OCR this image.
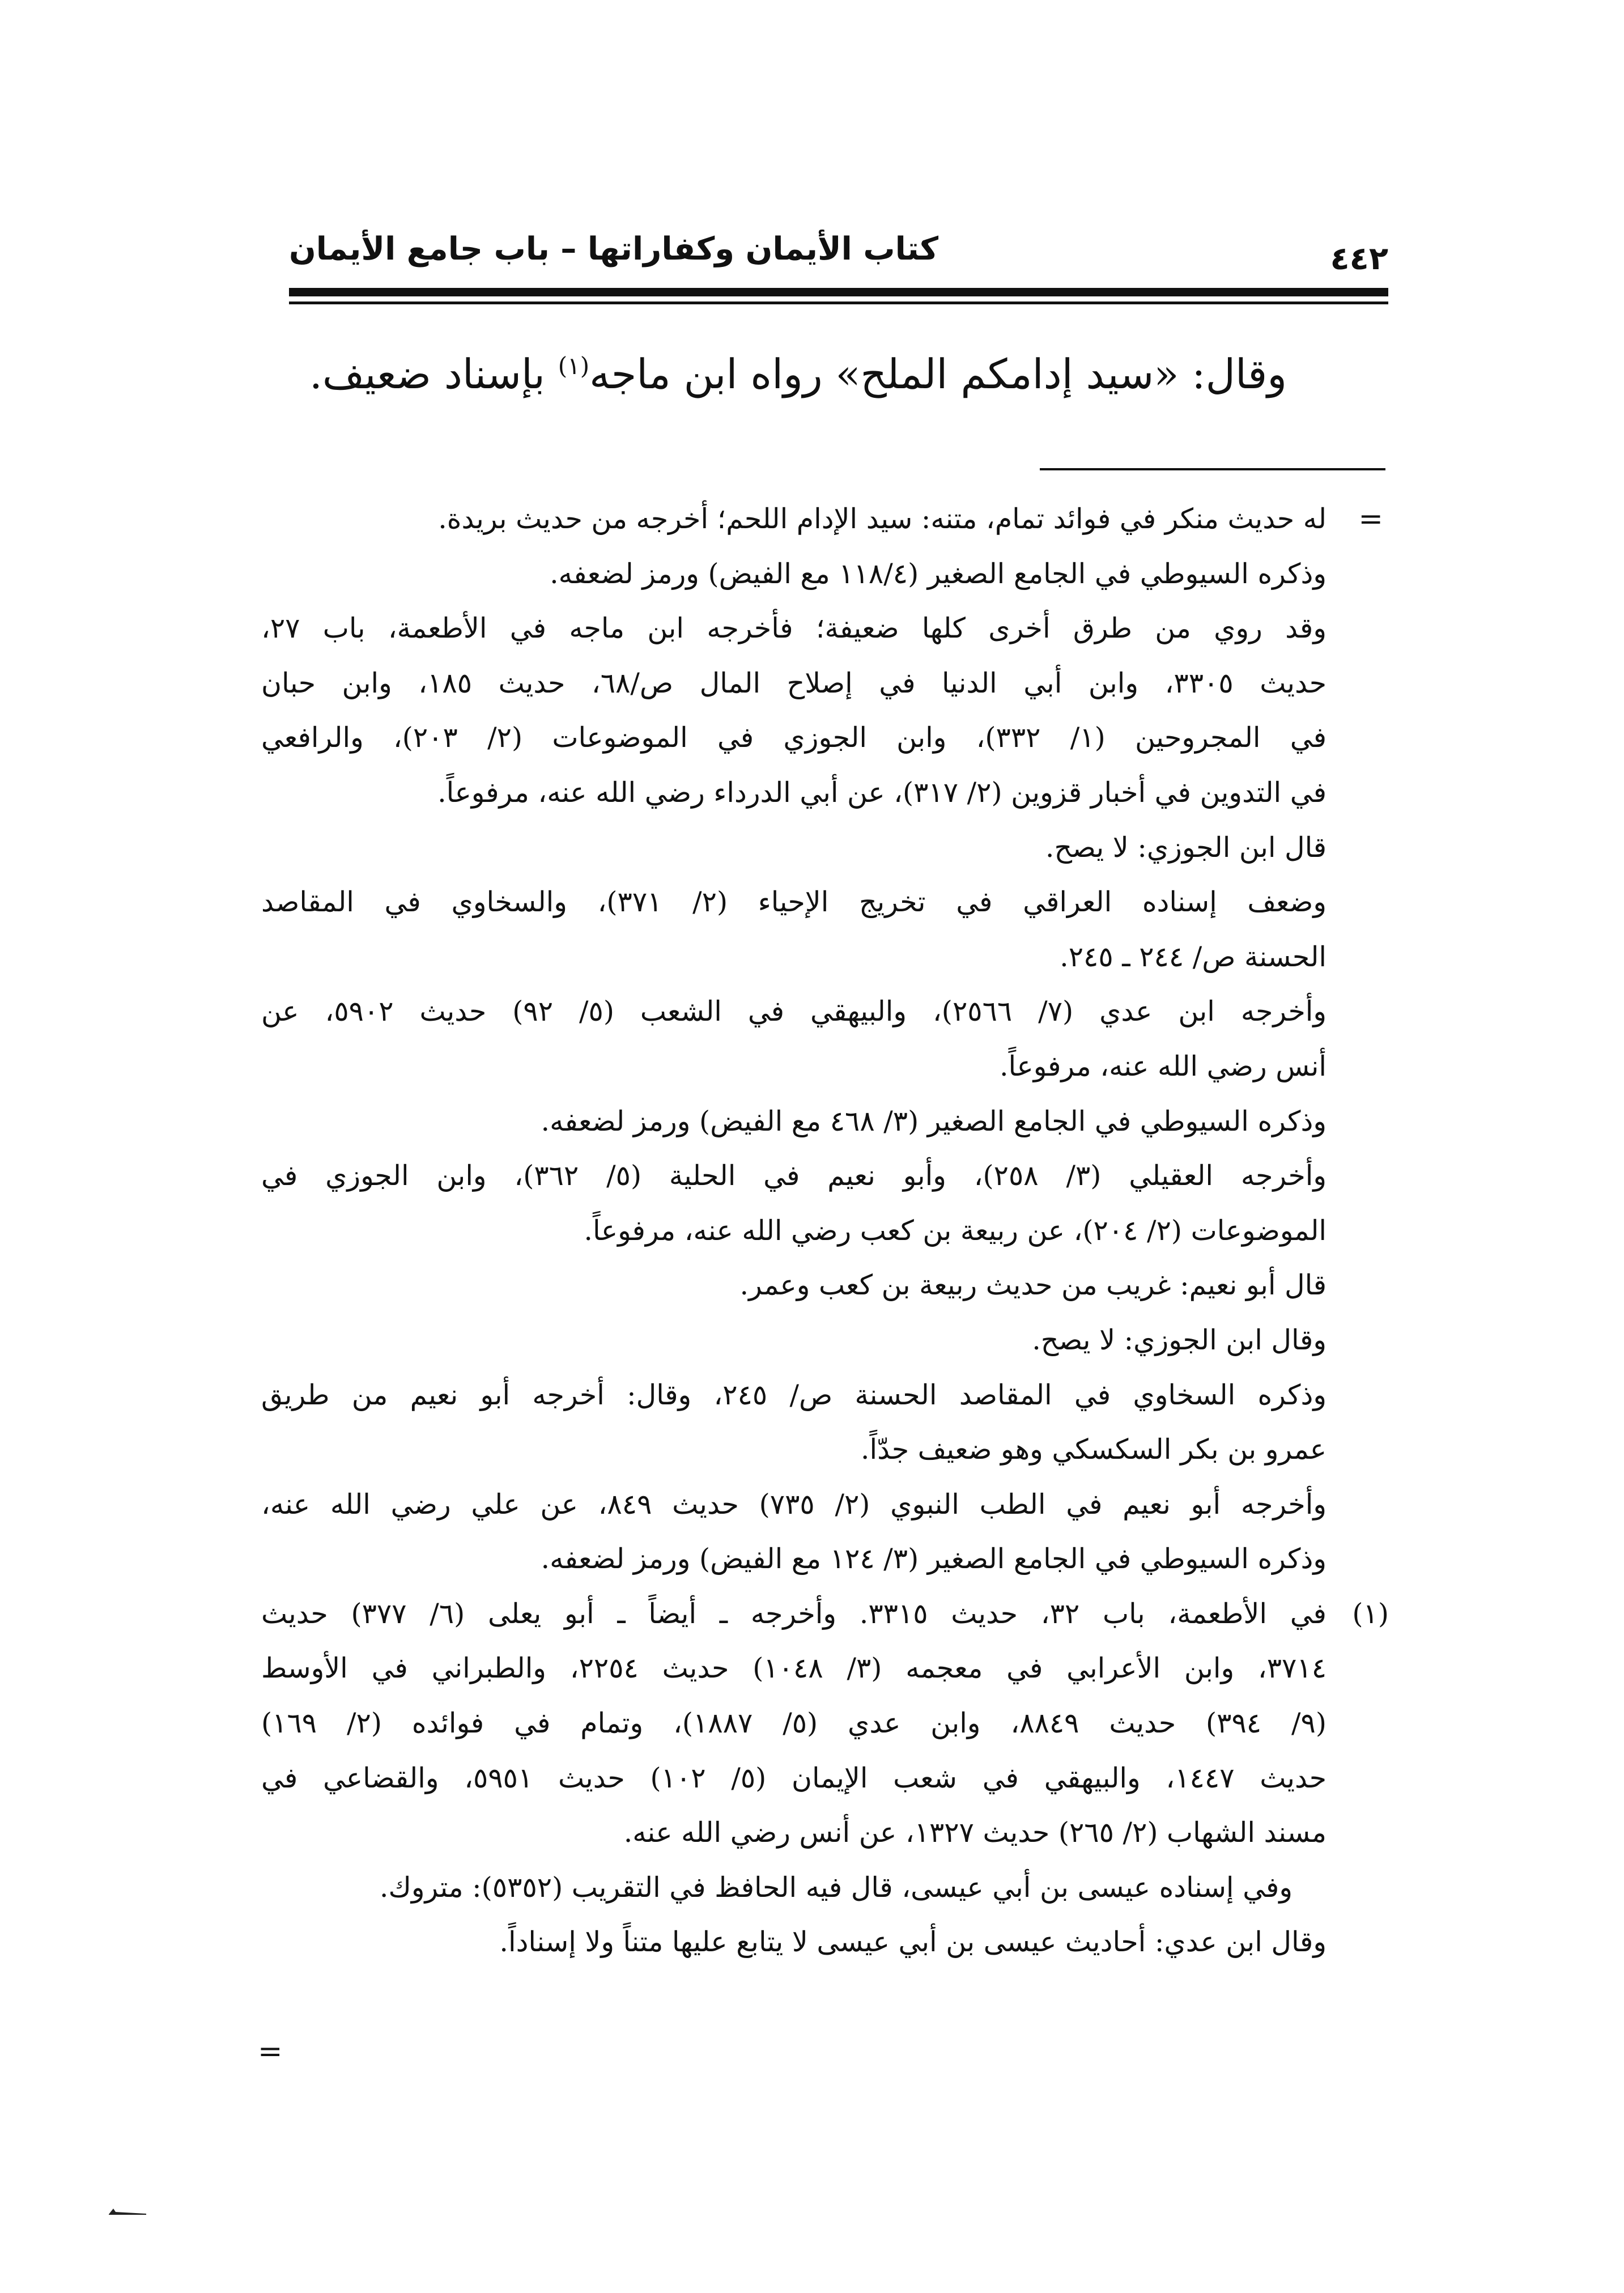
كتاب الأيمان وكفاراتها – باب جامع الأيمان	٤٤٢
وقال: «سيد إدامكم الملح» رواه ابن ماجه$^{(١)}$ بإسناد ضعيف.
=
له حديث منكر في فوائد تمام، متنه: سيد الإدام اللحم؛ أخرجه من حديث بريدة.
وذكره السيوطي في الجامع الصغير (١١٨/٤ مع الفيض) ورمز لضعفه.
وقد روي من طرق أخرى كلها ضعيفة؛ فأخرجه ابن ماجه في الأطعمة، باب ٢٧،
حديث ٣٣٠٥، وابن أبي الدنيا في إصلاح المال ص/٦٨، حديث ١٨٥، وابن حبان
في المجروحين (١/ ٣٣٢)، وابن الجوزي في الموضوعات (٢/ ٢٠٣)، والرافعي
في التدوين في أخبار قزوين (٢/ ٣١٧)، عن أبي الدرداء رضي الله عنه، مرفوعاً.
قال ابن الجوزي: لا يصح.
وضعف إسناده العراقي في تخريج الإحياء (٢/ ٣٧١)، والسخاوي في المقاصد
الحسنة ص/ ٢٤٤ ـ ٢٤٥.
وأخرجه ابن عدي (٧/ ٢٥٦٦)، والبيهقي في الشعب (٥/ ٩٢) حديث ٥٩٠٢، عن
أنس رضي الله عنه، مرفوعاً.
وذكره السيوطي في الجامع الصغير (٣/ ٤٦٨ مع الفيض) ورمز لضعفه.
وأخرجه العقيلي (٣/ ٢٥٨)، وأبو نعيم في الحلية (٥/ ٣٦٢)، وابن الجوزي في
الموضوعات (٢/ ٢٠٤)، عن ربيعة بن كعب رضي الله عنه، مرفوعاً.
قال أبو نعيم: غريب من حديث ربيعة بن كعب وعمر.
وقال ابن الجوزي: لا يصح.
وذكره السخاوي في المقاصد الحسنة ص/ ٢٤٥، وقال: أخرجه أبو نعيم من طريق
عمرو بن بكر السكسكي وهو ضعيف جدّاً.
وأخرجه أبو نعيم في الطب النبوي (٢/ ٧٣٥) حديث ٨٤٩، عن علي رضي الله عنه،
وذكره السيوطي في الجامع الصغير (٣/ ١٢٤ مع الفيض) ورمز لضعفه.
(١)
في الأطعمة، باب ٣٢، حديث ٣٣١٥. وأخرجه ـ أيضاً ـ أبو يعلى (٦/ ٣٧٧) حديث
٣٧١٤، وابن الأعرابي في معجمه (٣/ ١٠٤٨) حديث ٢٢٥٤، والطبراني في الأوسط
(٩/ ٣٩٤) حديث ٨٨٤٩، وابن عدي (٥/ ١٨٨٧)، وتمام في فوائده (٢/ ١٦٩)
حديث ١٤٤٧، والبيهقي في شعب الإيمان (٥/ ١٠٢) حديث ٥٩٥١، والقضاعي في
مسند الشهاب (٢/ ٢٦٥) حديث ١٣٢٧، عن أنس رضي الله عنه.
وفي إسناده عيسى بن أبي عيسى، قال فيه الحافظ في التقريب (٥٣٥٢): متروك.
وقال ابن عدي: أحاديث عيسى بن أبي عيسى لا يتابع عليها متناً ولا إسناداً.
=
